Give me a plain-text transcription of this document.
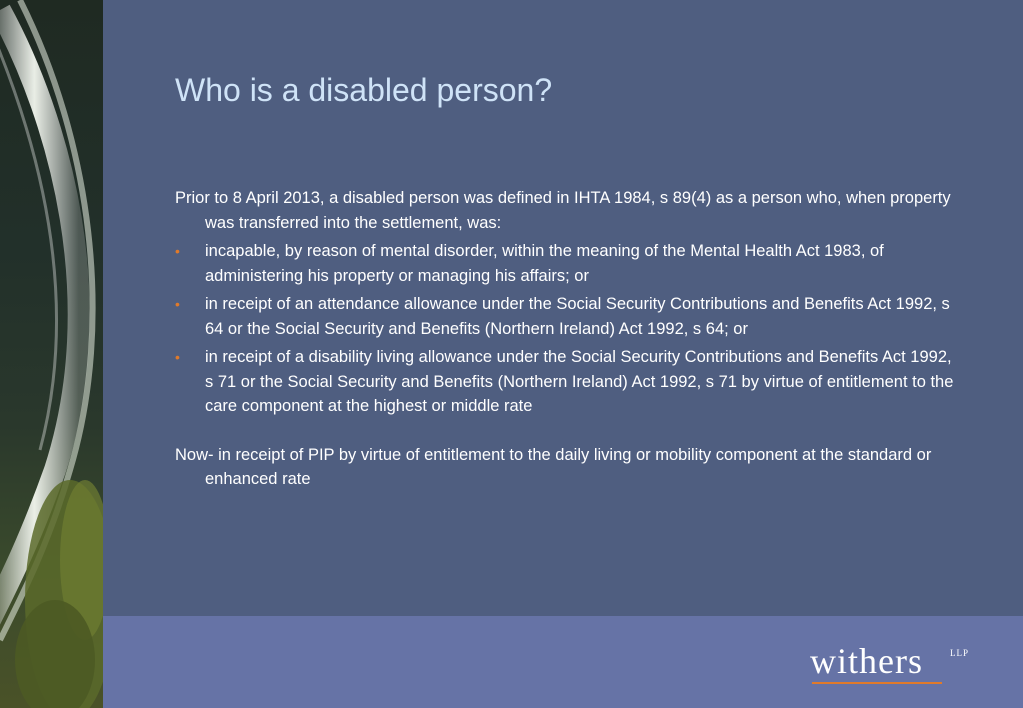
Who is a disabled person?

Prior to 8 April 2013, a disabled person was defined in IHTA 1984, s 89(4) as a person who, when property was transferred into the settlement, was:

• incapable, by reason of mental disorder, within the meaning of the Mental Health Act 1983, of administering his property or managing his affairs; or
• in receipt of an attendance allowance under the Social Security Contributions and Benefits Act 1992, s 64 or the Social Security and Benefits (Northern Ireland) Act 1992, s 64; or
• in receipt of a disability living allowance under the Social Security Contributions and Benefits Act 1992, s 71 or the Social Security and Benefits (Northern Ireland) Act 1992, s 71 by virtue of entitlement to the care component at the highest or middle rate

Now- in receipt of PIP by virtue of entitlement to the daily living or mobility component at the standard or enhanced rate

withers	LLP
